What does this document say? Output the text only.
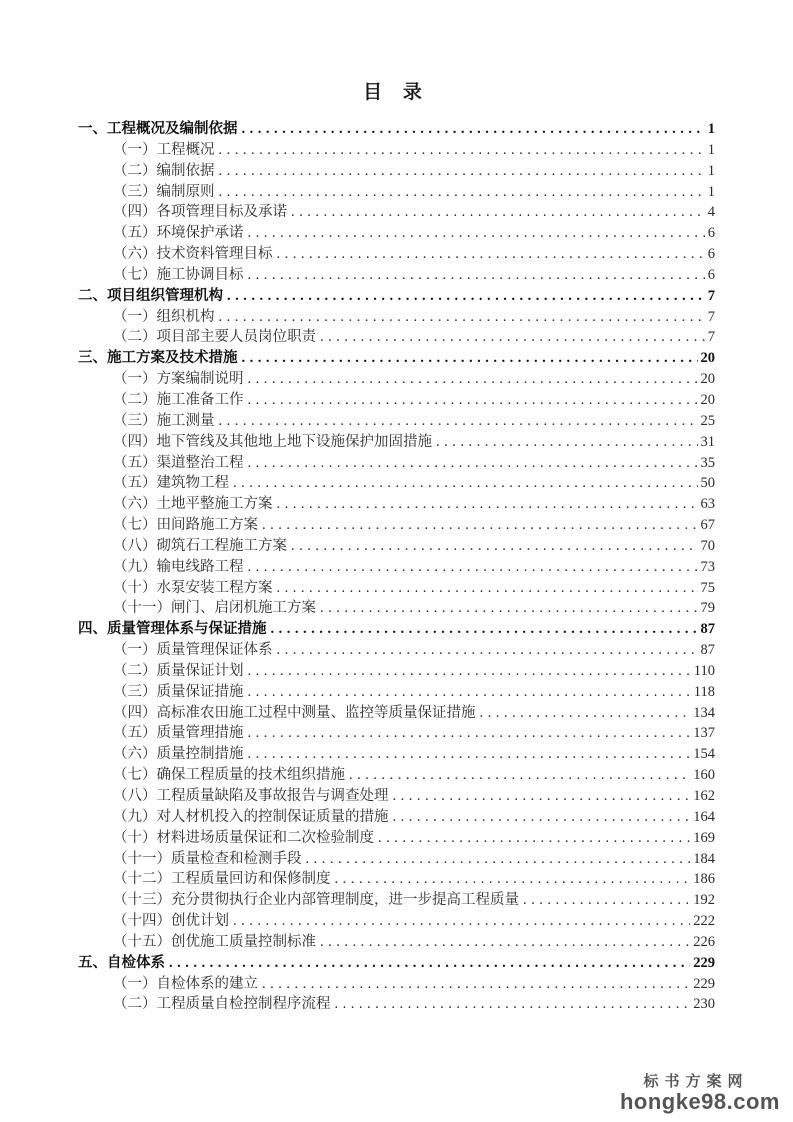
目 录
一、工程概况及编制依据 .....	1
（一）工程概况 .....	1
（二）编制依据 .....	1
（三）编制原则 .....	1
（四）各项管理目标及承诺 .....	4
（五）环境保护承诺 .....	6
（六）技术资料管理目标 .....	6
（七）施工协调目标 .....	6
二、项目组织管理机构 .....	7
（一）组织机构 .....	7
（二）项目部主要人员岗位职责 .....	7
三、施工方案及技术措施 .....	20
（一）方案编制说明 .....	20
（二）施工准备工作 .....	20
（三）施工测量 .....	25
（四）地下管线及其他地上地下设施保护加固措施 .....	31
（五）渠道整治工程 .....	35
（五）建筑物工程 .....	50
（六）土地平整施工方案 .....	63
（七）田间路施工方案 .....	67
（八）砌筑石工程施工方案 .....	70
（九）输电线路工程 .....	73
（十）水泵安装工程方案 .....	75
（十一）闸门、启闭机施工方案 .....	79
四、质量管理体系与保证措施 .....	87
（一）质量管理保证体系 .....	87
（二）质量保证计划 .....	110
（三）质量保证措施 .....	118
（四）高标准农田施工过程中测量、监控等质量保证措施 .....	134
（五）质量管理措施 .....	137
（六）质量控制措施 .....	154
（七）确保工程质量的技术组织措施 .....	160
（八）工程质量缺陷及事故报告与调查处理 .....	162
（九）对人材机投入的控制保证质量的措施 .....	164
（十）材料进场质量保证和二次检验制度 .....	169
（十一）质量检查和检测手段 .....	184
（十二）工程质量回访和保修制度 .....	186
（十三）充分贯彻执行企业内部管理制度，进一步提高工程质量 .....	192
（十四）创优计划 .....	222
（十五）创优施工质量控制标准 .....	226
五、自检体系 .....	229
（一）自检体系的建立 .....	229
（二）工程质量自检控制程序流程 .....	230
标书方案网
hongke98.com
